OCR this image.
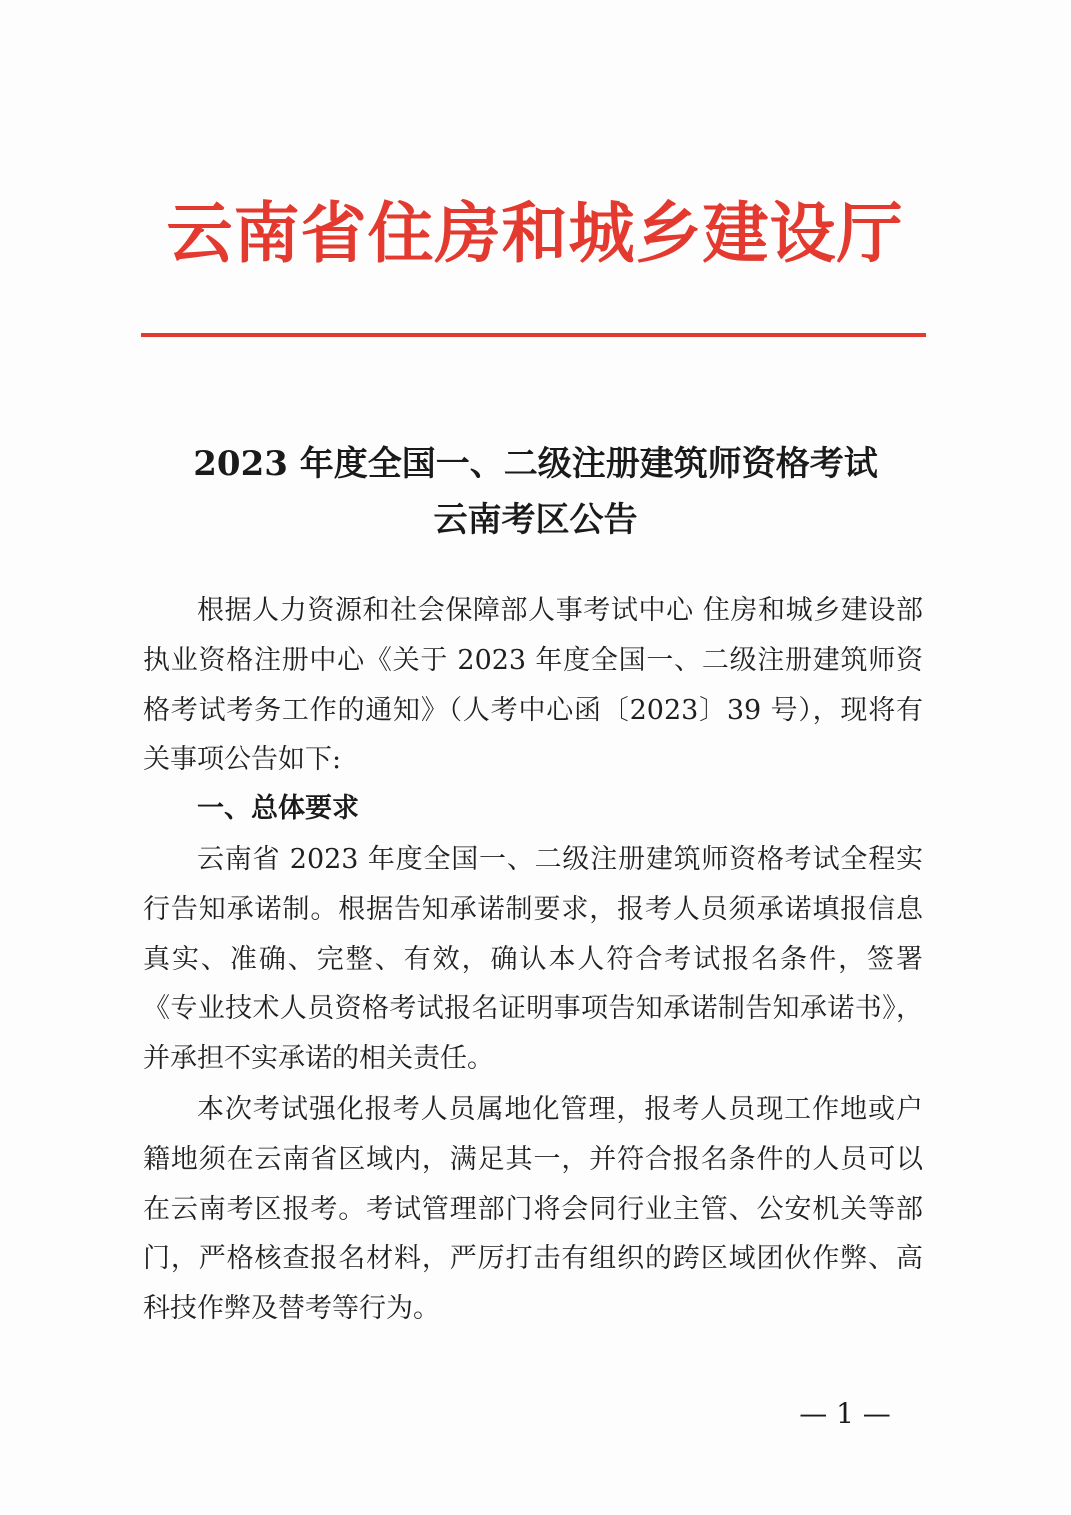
云南省住房和城乡建设厅
2023 年度全国一、二级注册建筑师资格考试
云南考区公告

根据人力资源和社会保障部人事考试中心 住房和城乡建设部执业资格注册中心《关于 2023 年度全国一、二级注册建筑师资格考试考务工作的通知》（人考中心函〔2023〕39 号），现将有关事项公告如下:

一、总体要求

云南省 2023 年度全国一、二级注册建筑师资格考试全程实行告知承诺制。根据告知承诺制要求，报考人员须承诺填报信息真实、准确、完整、有效，确认本人符合考试报名条件，签署《专业技术人员资格考试报名证明事项告知承诺制告知承诺书》，并承担不实承诺的相关责任。

本次考试强化报考人员属地化管理，报考人员现工作地或户籍地须在云南省区域内，满足其一，并符合报名条件的人员可以在云南考区报考。考试管理部门将会同行业主管、公安机关等部门，严格核查报名材料，严厉打击有组织的跨区域团伙作弊、高科技作弊及替考等行为。

— 1 —
